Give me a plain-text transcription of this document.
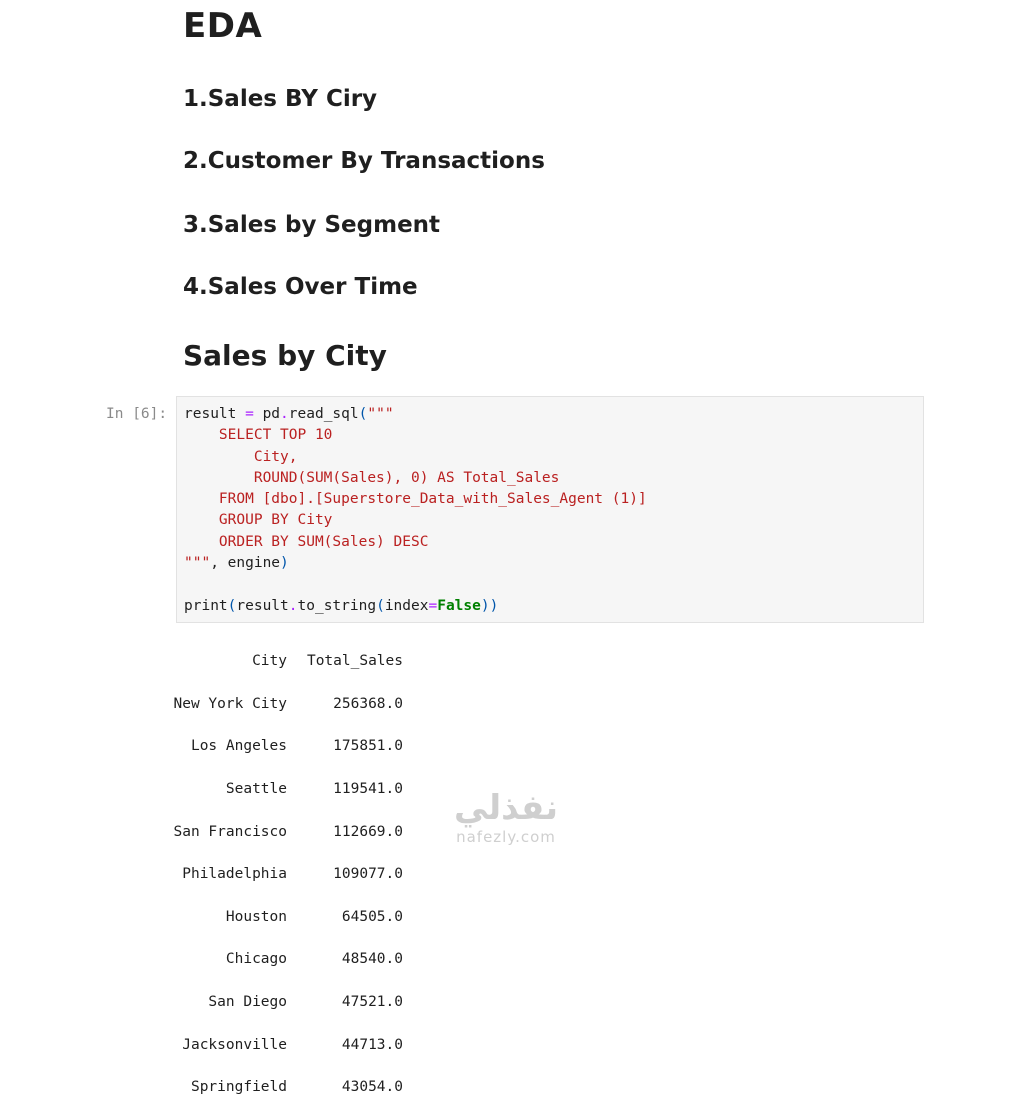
EDA
1.Sales BY Ciry
2.Customer By Transactions
3.Sales by Segment
4.Sales Over Time
Sales by City
In [6]: result = pd.read_sql("""
SELECT TOP 10
City,
ROUND(SUM(Sales), 0) AS Total_Sales
FROM [dbo].[Superstore_Data_with_Sales_Agent (1)]
GROUP BY City
ORDER BY SUM(Sales) DESC
""", engine)

print(result.to_string(index=False))

City Total_Sales

New York City	256368.0

Los Angeles	175851.0

Seattle	119541.0

San Francisco	112669.0

Philadelphia	109077.0

Houston	64505.0

Chicago	48540.0

San Diego	47521.0

Jacksonville	44713.0

Springfield	43054.0

نفذلي
nafezly.com
